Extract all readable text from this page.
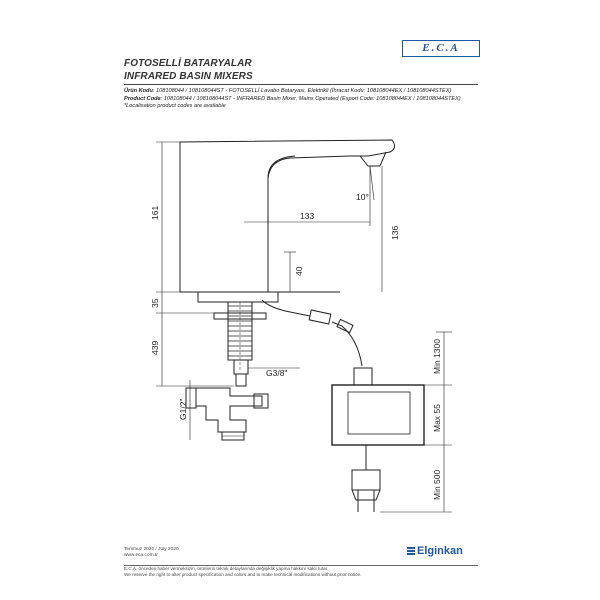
FOTOSELLİ BATARYALAR
INFRARED BASIN MIXERS
E.C.A
Ürün Kodu: 108108044 / 108108044ST - FOTOSELLİ Lavabo Bataryası, Elektrikli (İhracat Kodu: 108108044EX / 108108044STEX)
Product Code: 108108044 / 108108044ST - INFRARED Basin Mixer, Mains Operated (Export Code: 108108044EX / 108108044STEX)
*Localisation product codes are available
161
35
439
133
136
10°
40
G3/8"
G1/2"
Min 1300
Max 55
Min 500
Temmuz 2020 / July 2020
www.eca.com.tr
E.C.A. önceden haber vermeksizin, ürünlerin teknik detaylarında değişiklik yapma hakkını saklı tutar.
We reserve the right to alter product specification and colors and to make technical modifications without prior notice.
Elginkan
